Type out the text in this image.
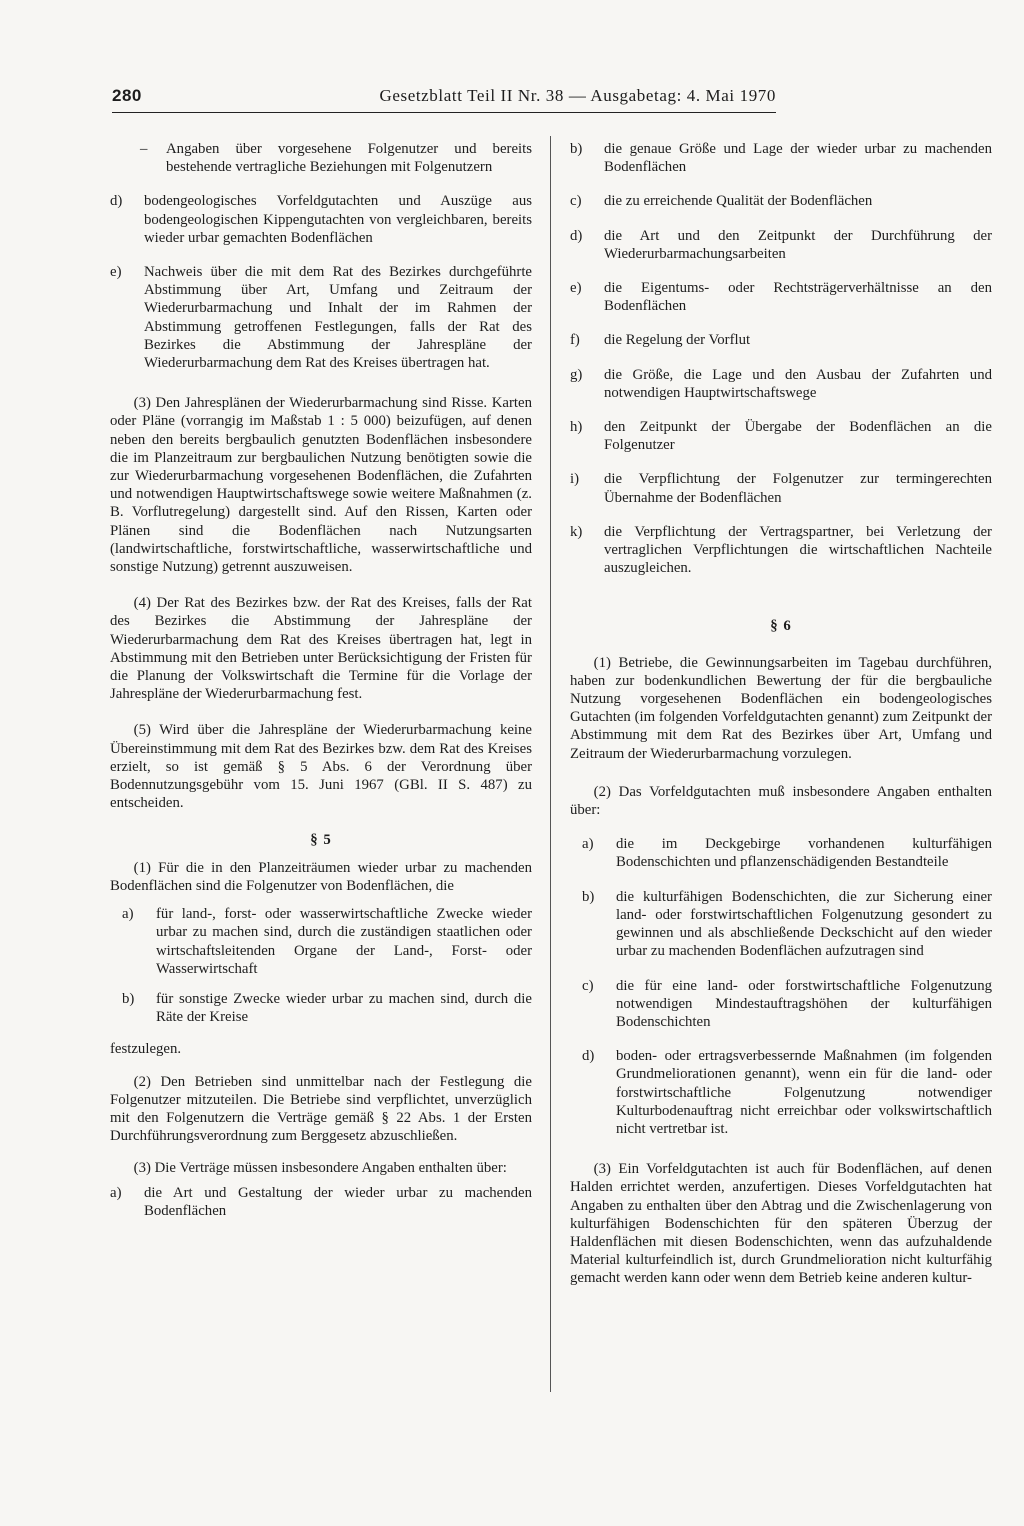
280	Gesetzblatt Teil II Nr. 38 — Ausgabetag: 4. Mai 1970
–	Angaben über vorgesehene Folgenutzer und bereits bestehende vertragliche Beziehungen mit Folgenutzern
d)	bodengeologisches Vorfeldgutachten und Auszüge aus bodengeologischen Kippengutachten von vergleichbaren, bereits wieder urbar gemachten Bodenflächen
e)	Nachweis über die mit dem Rat des Bezirkes durchgeführte Abstimmung über Art, Umfang und Zeitraum der Wiederurbarmachung und Inhalt der im Rahmen der Abstimmung getroffenen Festlegungen, falls der Rat des Bezirkes die Abstimmung der Jahrespläne der Wiederurbarmachung dem Rat des Kreises übertragen hat.

(3) Den Jahresplänen der Wiederurbarmachung sind Risse. Karten oder Pläne (vorrangig im Maßstab 1 : 5 000) beizufügen, auf denen neben den bereits bergbaulich genutzten Bodenflächen insbesondere die im Planzeitraum zur bergbaulichen Nutzung benötigten sowie die zur Wiederurbarmachung vorgesehenen Bodenflächen, die Zufahrten und notwendigen Hauptwirtschaftswege sowie weitere Maßnahmen (z. B. Vorflutregelung) dargestellt sind. Auf den Rissen, Karten oder Plänen sind die Bodenflächen nach Nutzungsarten (landwirtschaftliche, forstwirtschaftliche, wasserwirtschaftliche und sonstige Nutzung) getrennt auszuweisen.

(4) Der Rat des Bezirkes bzw. der Rat des Kreises, falls der Rat des Bezirkes die Abstimmung der Jahrespläne der Wiederurbarmachung dem Rat des Kreises übertragen hat, legt in Abstimmung mit den Betrieben unter Berücksichtigung der Fristen für die Planung der Volkswirtschaft die Termine für die Vorlage der Jahrespläne der Wiederurbarmachung fest.

(5) Wird über die Jahrespläne der Wiederurbarmachung keine Übereinstimmung mit dem Rat des Bezirkes bzw. dem Rat des Kreises erzielt, so ist gemäß § 5 Abs. 6 der Verordnung über Bodennutzungsgebühr vom 15. Juni 1967 (GBl. II S. 487) zu entscheiden.

§ 5

(1) Für die in den Planzeiträumen wieder urbar zu machenden Bodenflächen sind die Folgenutzer von Bodenflächen, die

a)	für land-, forst- oder wasserwirtschaftliche Zwecke wieder urbar zu machen sind, durch die zuständigen staatlichen oder wirtschaftsleitenden Organe der Land-, Forst- oder Wasserwirtschaft
b)	für sonstige Zwecke wieder urbar zu machen sind, durch die Räte der Kreise

festzulegen.

(2) Den Betrieben sind unmittelbar nach der Festlegung die Folgenutzer mitzuteilen. Die Betriebe sind verpflichtet, unverzüglich mit den Folgenutzern die Verträge gemäß § 22 Abs. 1 der Ersten Durchführungsverordnung zum Berggesetz abzuschließen.

(3) Die Verträge müssen insbesondere Angaben enthalten über:

a)	die Art und Gestaltung der wieder urbar zu machenden Bodenflächen
b)	die genaue Größe und Lage der wieder urbar zu machenden Bodenflächen
c)	die zu erreichende Qualität der Bodenflächen
d)	die Art und den Zeitpunkt der Durchführung der Wiederurbarmachungsarbeiten
e)	die Eigentums- oder Rechtsträgerverhältnisse an den Bodenflächen
f)	die Regelung der Vorflut
g)	die Größe, die Lage und den Ausbau der Zufahrten und notwendigen Hauptwirtschaftswege
h)	den Zeitpunkt der Übergabe der Bodenflächen an die Folgenutzer
i)	die Verpflichtung der Folgenutzer zur termingerechten Übernahme der Bodenflächen
k)	die Verpflichtung der Vertragspartner, bei Verletzung der vertraglichen Verpflichtungen die wirtschaftlichen Nachteile auszugleichen.

§ 6

(1) Betriebe, die Gewinnungsarbeiten im Tagebau durchführen, haben zur bodenkundlichen Bewertung der für die bergbauliche Nutzung vorgesehenen Bodenflächen ein bodengeologisches Gutachten (im folgenden Vorfeldgutachten genannt) zum Zeitpunkt der Abstimmung mit dem Rat des Bezirkes über Art, Umfang und Zeitraum der Wiederurbarmachung vorzulegen.

(2) Das Vorfeldgutachten muß insbesondere Angaben enthalten über:

a)	die im Deckgebirge vorhandenen kulturfähigen Bodenschichten und pflanzenschädigenden Bestandteile
b)	die kulturfähigen Bodenschichten, die zur Sicherung einer land- oder forstwirtschaftlichen Folgenutzung gesondert zu gewinnen und als abschließende Deckschicht auf den wieder urbar zu machenden Bodenflächen aufzutragen sind
c)	die für eine land- oder forstwirtschaftliche Folgenutzung notwendigen Mindestauftragshöhen der kulturfähigen Bodenschichten
d)	boden- oder ertragsverbessernde Maßnahmen (im folgenden Grundmeliorationen genannt), wenn ein für die land- oder forstwirtschaftliche Folgenutzung notwendiger Kulturbodenauftrag nicht erreichbar oder volkswirtschaftlich nicht vertretbar ist.

(3) Ein Vorfeldgutachten ist auch für Bodenflächen, auf denen Halden errichtet werden, anzufertigen. Dieses Vorfeldgutachten hat Angaben zu enthalten über den Abtrag und die Zwischenlagerung von kulturfähigen Bodenschichten für den späteren Überzug der Haldenflächen mit diesen Bodenschichten, wenn das aufzuhaldende Material kulturfeindlich ist, durch Grundmelioration nicht kulturfähig gemacht werden kann oder wenn dem Betrieb keine anderen kultur-
